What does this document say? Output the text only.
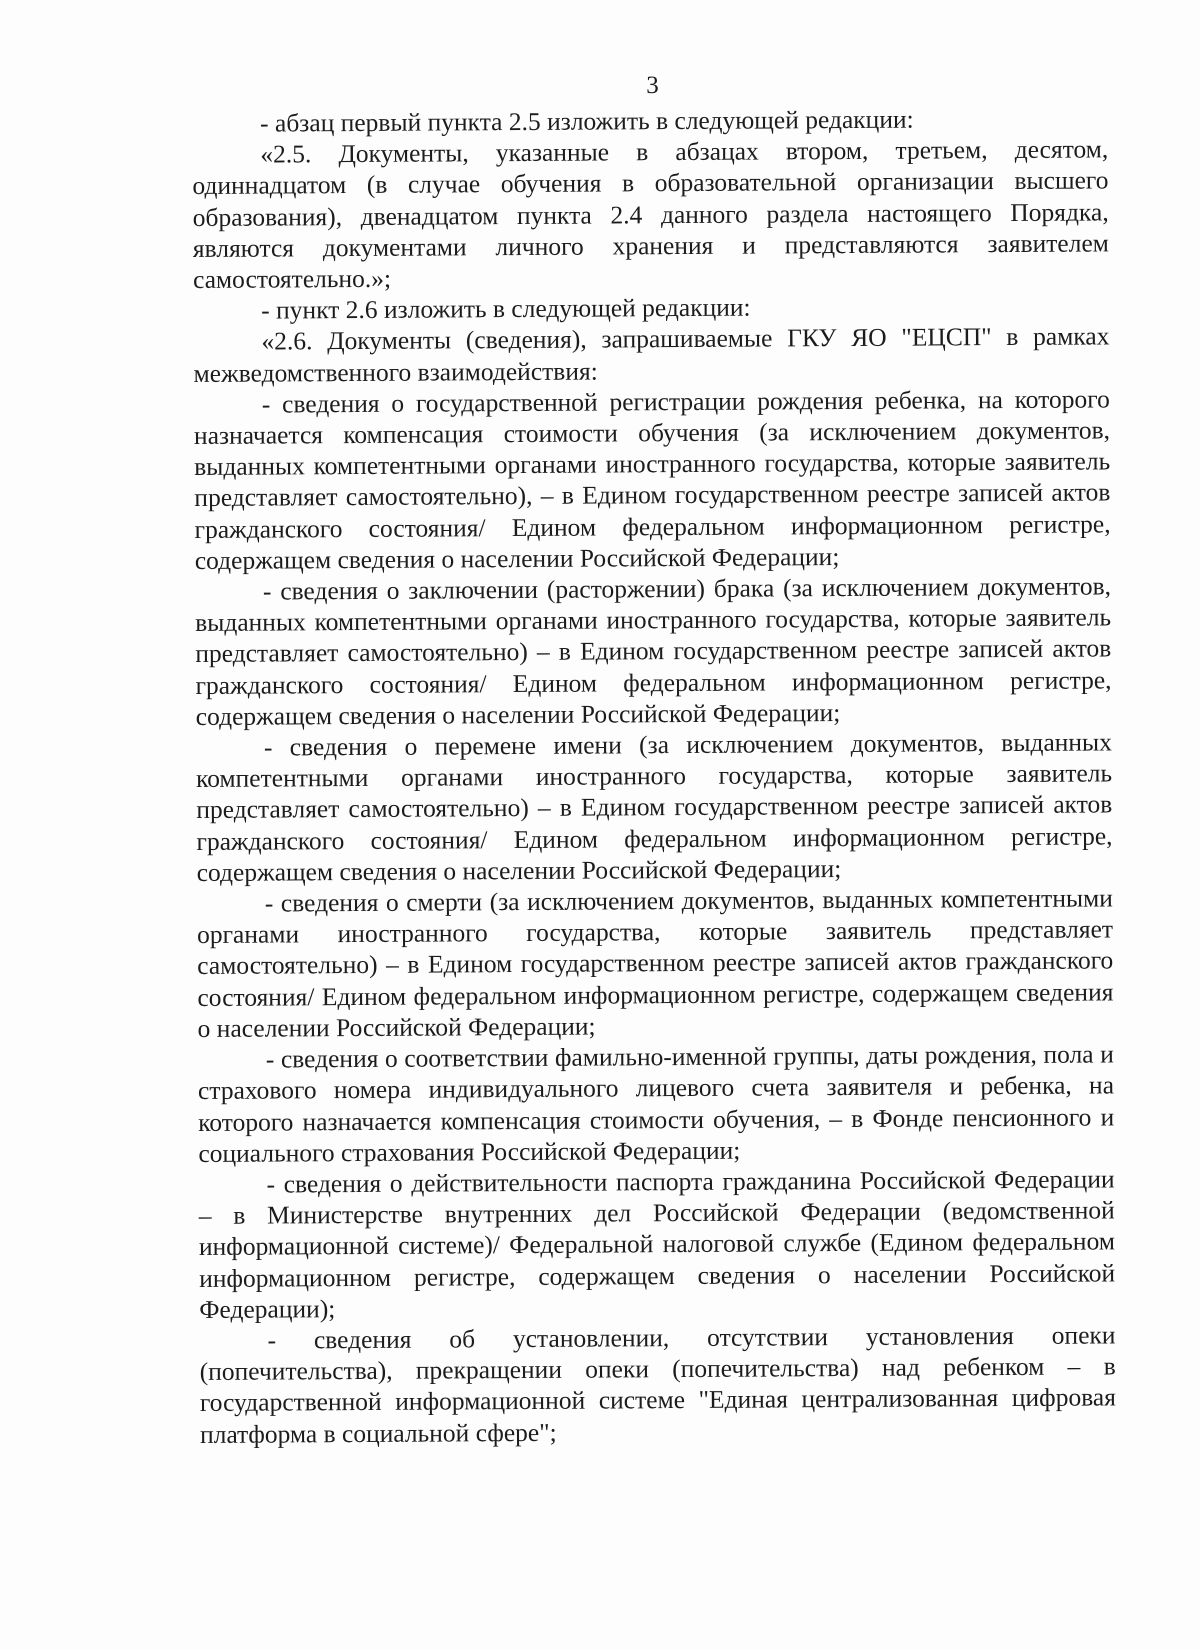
3

- абзац первый пункта 2.5 изложить в следующей редакции:

«2.5. Документы, указанные в абзацах втором, третьем, десятом, одиннадцатом (в случае обучения в образовательной организации высшего образования), двенадцатом пункта 2.4 данного раздела настоящего Порядка, являются документами личного хранения и представляются заявителем самостоятельно.»;

- пункт 2.6 изложить в следующей редакции:

«2.6. Документы (сведения), запрашиваемые ГКУ ЯО "ЕЦСП" в рамках межведомственного взаимодействия:

- сведения о государственной регистрации рождения ребенка, на которого назначается компенсация стоимости обучения (за исключением документов, выданных компетентными органами иностранного государства, которые заявитель представляет самостоятельно), – в Едином государственном реестре записей актов гражданского состояния/ Едином федеральном информационном регистре, содержащем сведения о населении Российской Федерации;

- сведения о заключении (расторжении) брака (за исключением документов, выданных компетентными органами иностранного государства, которые заявитель представляет самостоятельно) – в Едином государственном реестре записей актов гражданского состояния/ Едином федеральном информационном регистре, содержащем сведения о населении Российской Федерации;

- сведения о перемене имени (за исключением документов, выданных компетентными органами иностранного государства, которые заявитель представляет самостоятельно) – в Едином государственном реестре записей актов гражданского состояния/ Едином федеральном информационном регистре, содержащем сведения о населении Российской Федерации;

- сведения о смерти (за исключением документов, выданных компетентными органами иностранного государства, которые заявитель представляет самостоятельно) – в Едином государственном реестре записей актов гражданского состояния/ Едином федеральном информационном регистре, содержащем сведения о населении Российской Федерации;

- сведения о соответствии фамильно-именной группы, даты рождения, пола и страхового номера индивидуального лицевого счета заявителя и ребенка, на которого назначается компенсация стоимости обучения, – в Фонде пенсионного и социального страхования Российской Федерации;

- сведения о действительности паспорта гражданина Российской Федерации – в Министерстве внутренних дел Российской Федерации (ведомственной информационной системе)/ Федеральной налоговой службе (Едином федеральном информационном регистре, содержащем сведения о населении Российской Федерации);

- сведения об установлении, отсутствии установления опеки (попечительства), прекращении опеки (попечительства) над ребенком – в государственной информационной системе "Единая централизованная цифровая платформа в социальной сфере";
